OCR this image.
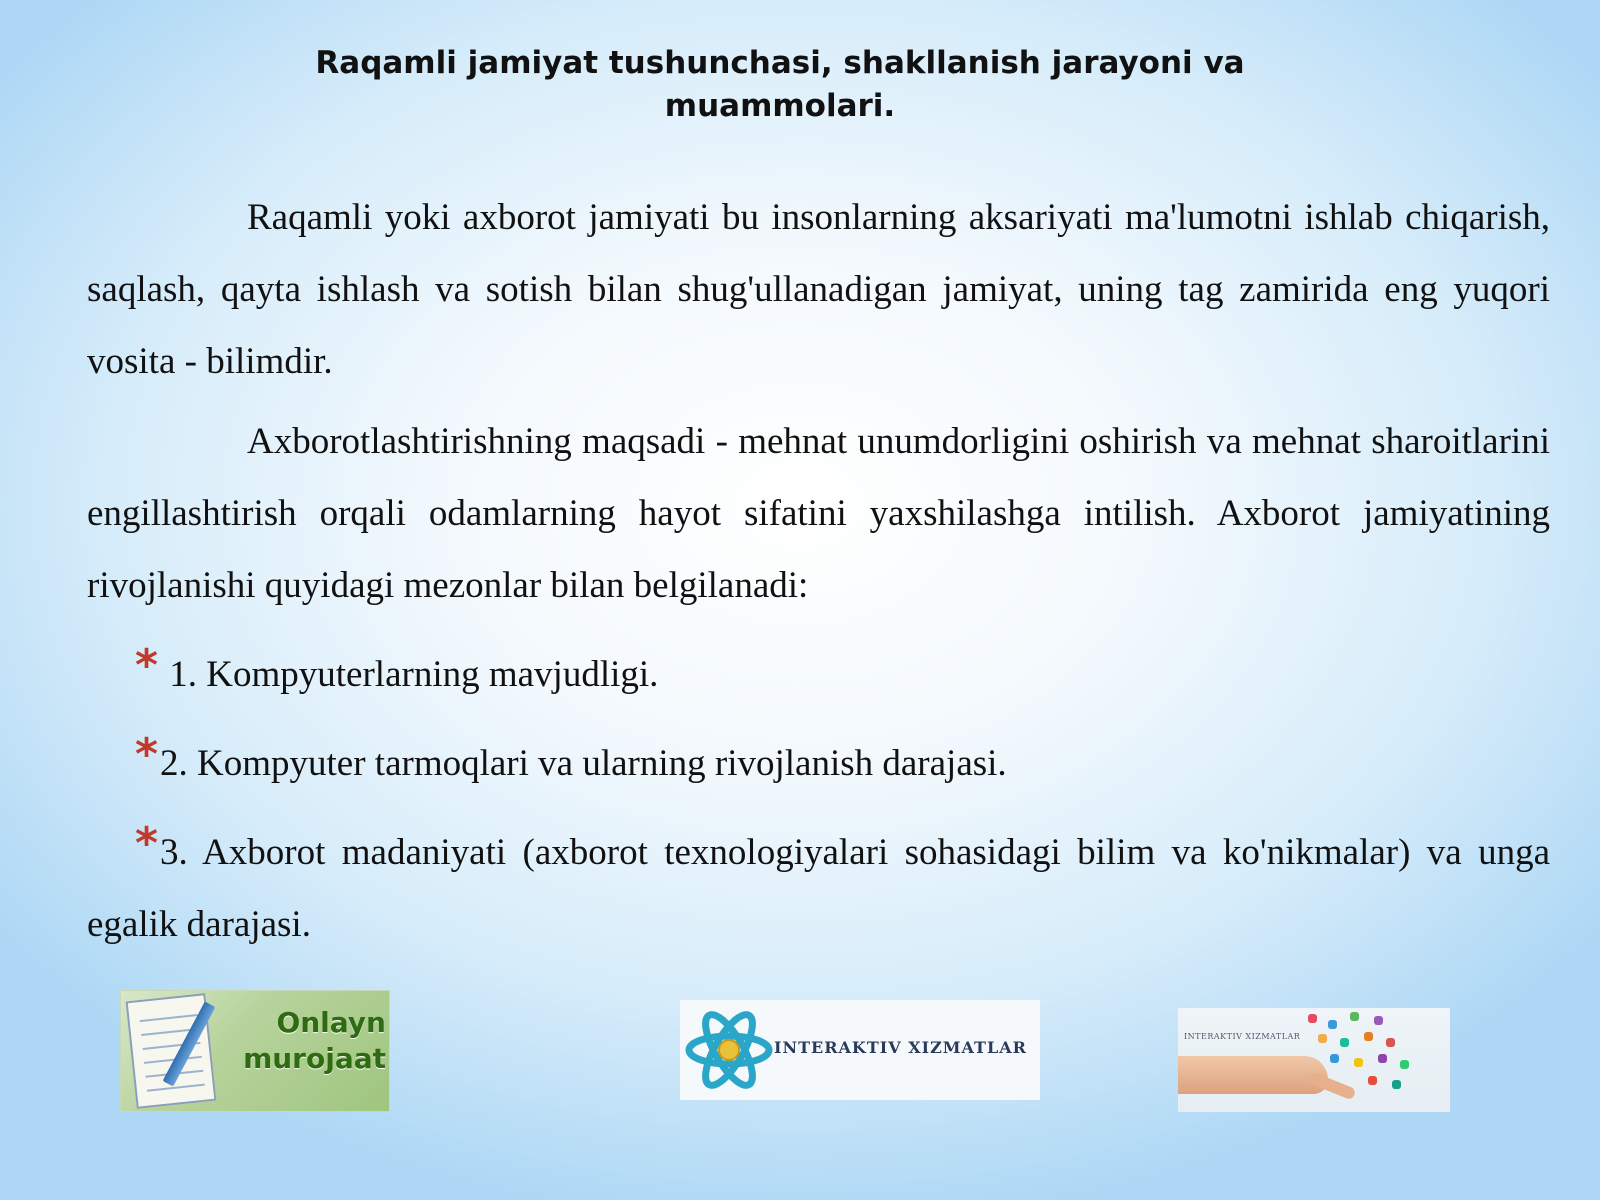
Raqamli jamiyat tushunchasi, shakllanish jarayoni va muammolari.

Raqamli yoki axborot jamiyati bu insonlarning aksariyati ma'lumotni ishlab chiqarish, saqlash, qayta ishlash va sotish bilan shug'ullanadigan jamiyat, uning tag zamirida eng yuqori vosita - bilimdir.

Axborotlashtirishning maqsadi - mehnat unumdorligini oshirish va mehnat sharoitlarini engillashtirish orqali odamlarning hayot sifatini yaxshilashga intilish. Axborot jamiyatining rivojlanishi quyidagi mezonlar bilan belgilanadi:

* 1. Kompyuterlarning mavjudligi.

*2. Kompyuter tarmoqlari va ularning rivojlanish darajasi.

*3. Axborot madaniyati (axborot texnologiyalari sohasidagi bilim va ko'nikmalar) va unga egalik darajasi.

Onlayn
murojaat	INTERAKTIV XIZMATLAR
INTERAKTIV XIZMATLAR
